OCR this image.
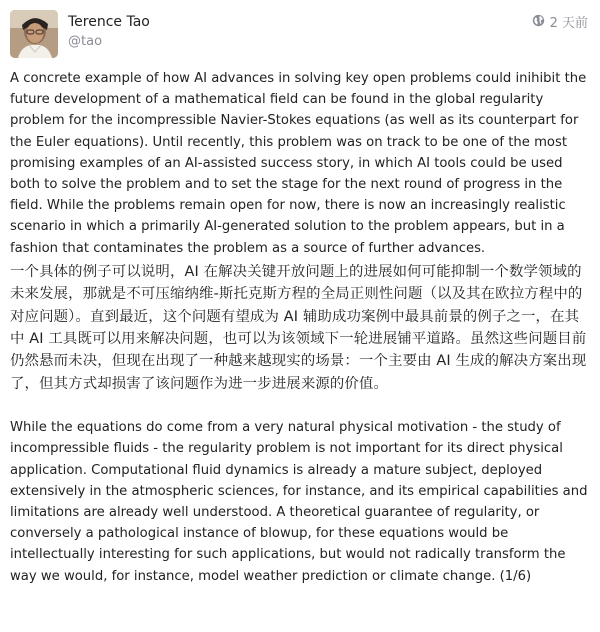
Terence Tao
@tao
2 天前

A concrete example of how AI advances in solving key open problems could inihibit the future development of a mathematical field can be found in the global regularity problem for the incompressible Navier-Stokes equations (as well as its counterpart for the Euler equations). Until recently, this problem was on track to be one of the most promising examples of an AI-assisted success story, in which AI tools could be used both to solve the problem and to set the stage for the next round of progress in the field. While the problems remain open for now, there is now an increasingly realistic scenario in which a primarily AI-generated solution to the problem appears, but in a fashion that contaminates the problem as a source of further advances.

一个具体的例子可以说明，AI 在解决关键开放问题上的进展如何可能抑制一个数学领域的未来发展，那就是不可压缩纳维-斯托克斯方程的全局正则性问题（以及其在欧拉方程中的对应问题）。直到最近，这个问题有望成为 AI 辅助成功案例中最具前景的例子之一，在其中 AI 工具既可以用来解决问题，也可以为该领域下一轮进展铺平道路。虽然这些问题目前仍然悬而未决，但现在出现了一种越来越现实的场景：一个主要由 AI 生成的解决方案出现了，但其方式却损害了该问题作为进一步进展来源的价值。

While the equations do come from a very natural physical motivation - the study of incompressible fluids - the regularity problem is not important for its direct physical application. Computational fluid dynamics is already a mature subject, deployed extensively in the atmospheric sciences, for instance, and its empirical capabilities and limitations are already well understood. A theoretical guarantee of regularity, or conversely a pathological instance of blowup, for these equations would be intellectually interesting for such applications, but would not radically transform the way we would, for instance, model weather prediction or climate change. (1/6)
